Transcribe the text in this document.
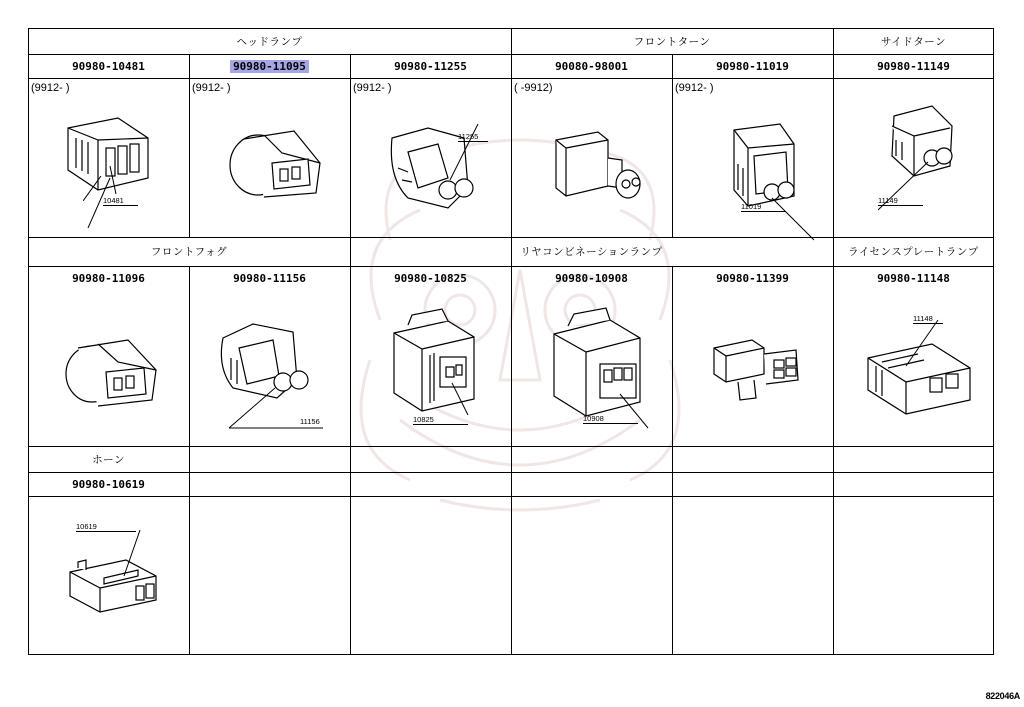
ヘッドランプ	フロントターン	サイドターン
90980-10481	90980-11095	90980-11255	90080-98001	90980-11019	90980-11149
(9912- )	(9912- )	(9912- )	( -9912)	(9912- )
10481
11255
11019
11149
フロントフォグ	リヤコンビネーションランプ	ライセンスプレートランプ
90980-11096	90980-11156	90980-10825	90980-10908	90980-11399	90980-11148
11156	10825	10908
11148
ホーン
90980-10619
10619
822046A
